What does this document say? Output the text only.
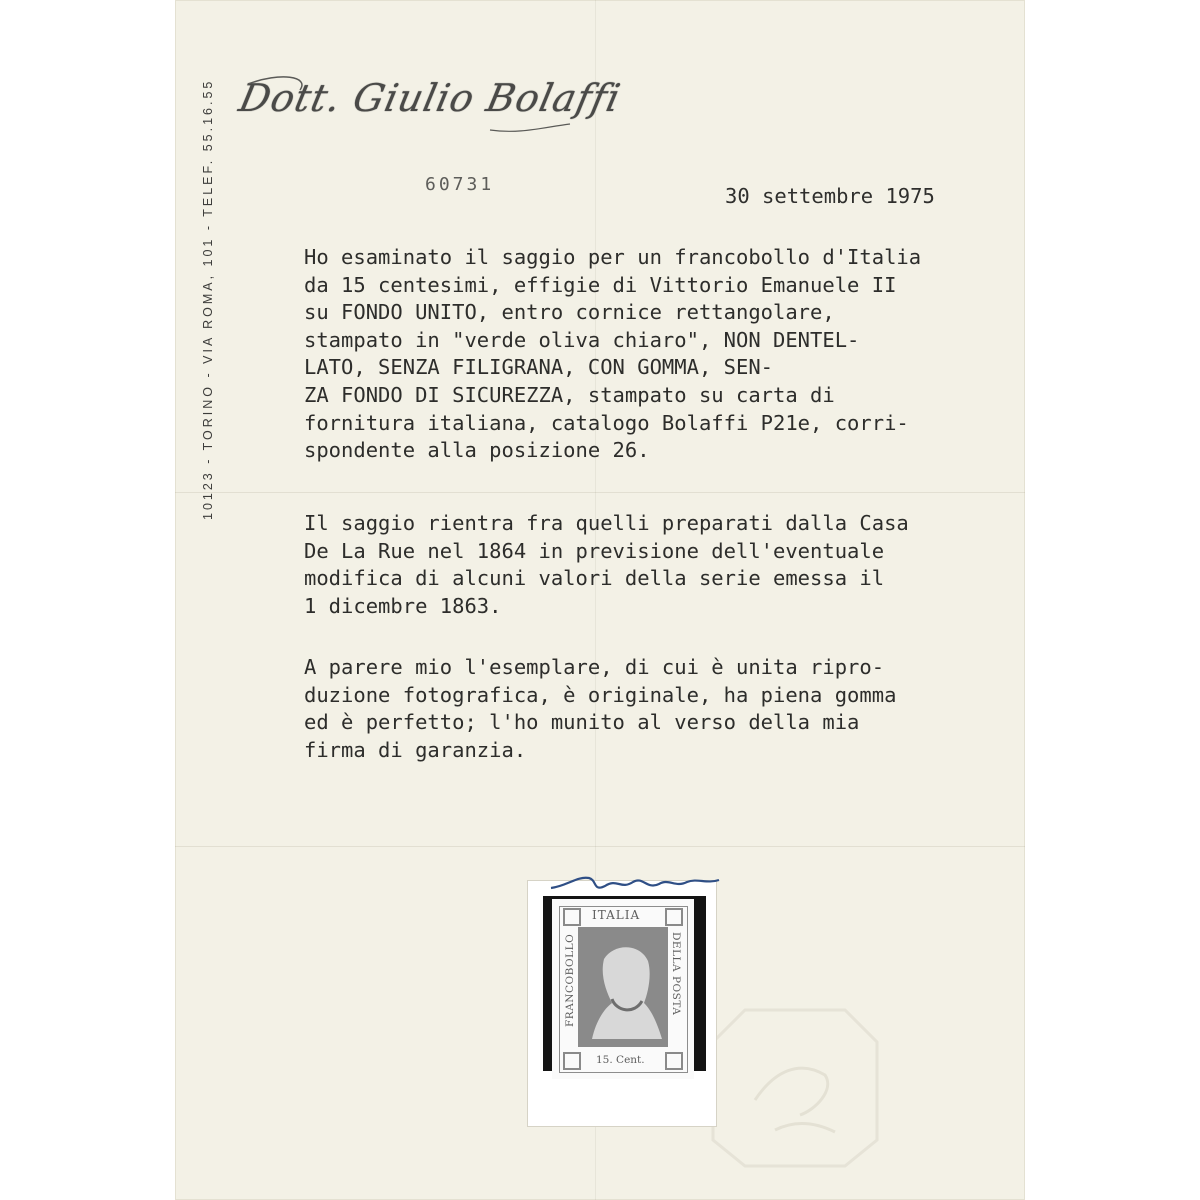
Dott. Giulio Bolaffi
60731	30 settembre 1975
Ho esaminato il saggio per un francobollo d'Italia
da 15 centesimi, effigie di Vittorio Emanuele II
su FONDO UNITO, entro cornice rettangolare,
stampato in "verde oliva chiaro", NON DENTEL-
LATO, SENZA FILIGRANA, CON GOMMA, SEN-
ZA FONDO DI SICUREZZA, stampato su carta di
fornitura italiana, catalogo Bolaffi P21e, corri-
spondente alla posizione 26.
Il saggio rientra fra quelli preparati dalla Casa
De La Rue nel 1864 in previsione dell'eventuale
modifica di alcuni valori della serie emessa il
1 dicembre 1863.
A parere mio l'esemplare, di cui è unita ripro-
duzione fotografica, è originale, ha piena gomma
ed è perfetto; l'ho munito al verso della mia
firma di garanzia.
10123 - TORINO - VIA ROMA, 101 - TELEF. 55.16.55
ITALIA
FRANCOBOLLO	DELLA POSTA
15. Cent.
